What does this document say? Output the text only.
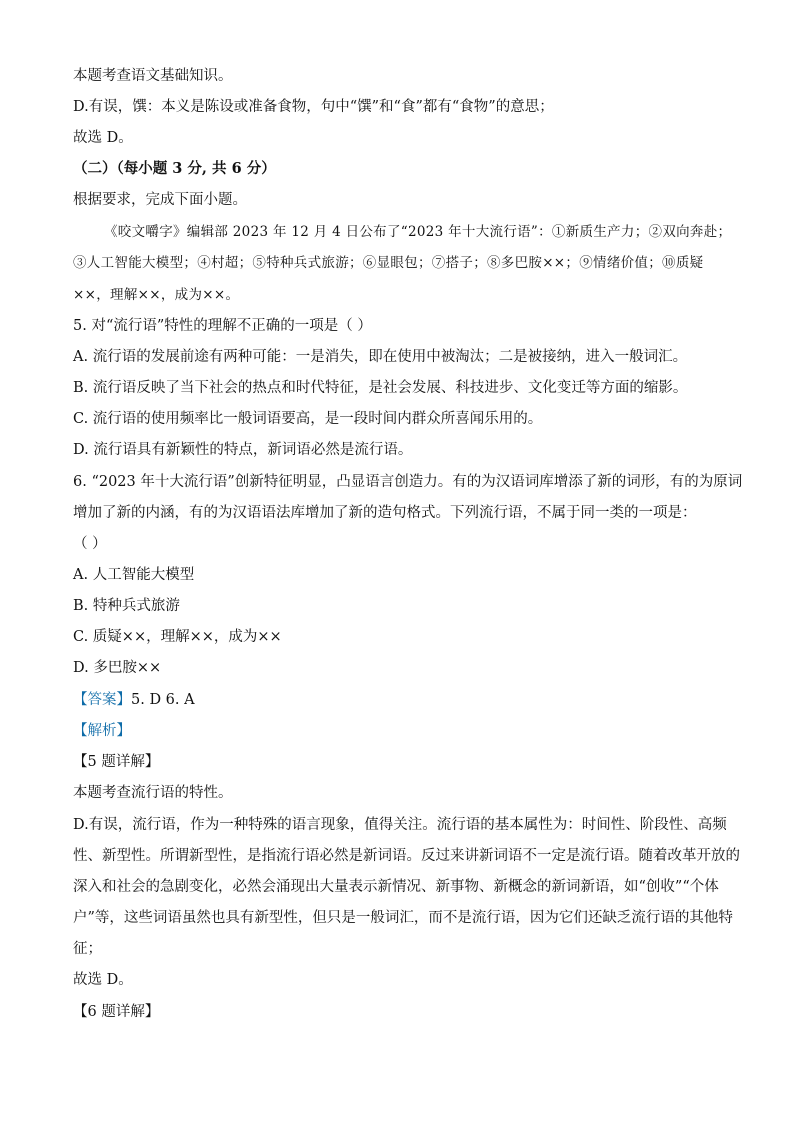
本题考查语文基础知识。
D.有误，馔：本义是陈设或准备食物，句中“馔”和“食”都有“食物”的意思；
故选 D。
（二）（每小题 3 分, 共 6 分）
根据要求，完成下面小题。
《咬文嚼字》编辑部 2023 年 12 月 4 日公布了“2023 年十大流行语”：①新质生产力；②双向奔赴；
③人工智能大模型；④村超；⑤特种兵式旅游；⑥显眼包；⑦搭子；⑧多巴胺××；⑨情绪价值；⑩质疑
××，理解××，成为××。
5. 对“流行语”特性的理解不正确的一项是（ ）
A. 流行语的发展前途有两种可能：一是消失，即在使用中被淘汰；二是被接纳，进入一般词汇。
B. 流行语反映了当下社会的热点和时代特征，是社会发展、科技进步、文化变迁等方面的缩影。
C. 流行语的使用频率比一般词语要高，是一段时间内群众所喜闻乐用的。
D. 流行语具有新颖性的特点，新词语必然是流行语。
6. “2023 年十大流行语”创新特征明显，凸显语言创造力。有的为汉语词库增添了新的词形，有的为原词
增加了新的内涵，有的为汉语语法库增加了新的造句格式。下列流行语，不属于同一类的一项是：
（ ）
A. 人工智能大模型
B. 特种兵式旅游
C. 质疑××，理解××，成为××
D. 多巴胺××
【答案】5. D 6. A
【解析】
【5 题详解】
本题考查流行语的特性。
D.有误，流行语，作为一种特殊的语言现象，值得关注。流行语的基本属性为：时间性、阶段性、高频
性、新型性。所谓新型性，是指流行语必然是新词语。反过来讲新词语不一定是流行语。随着改革开放的
深入和社会的急剧变化，必然会涌现出大量表示新情况、新事物、新概念的新词新语，如“创收”“个体
户”等，这些词语虽然也具有新型性，但只是一般词汇，而不是流行语，因为它们还缺乏流行语的其他特
征；
故选 D。
【6 题详解】
